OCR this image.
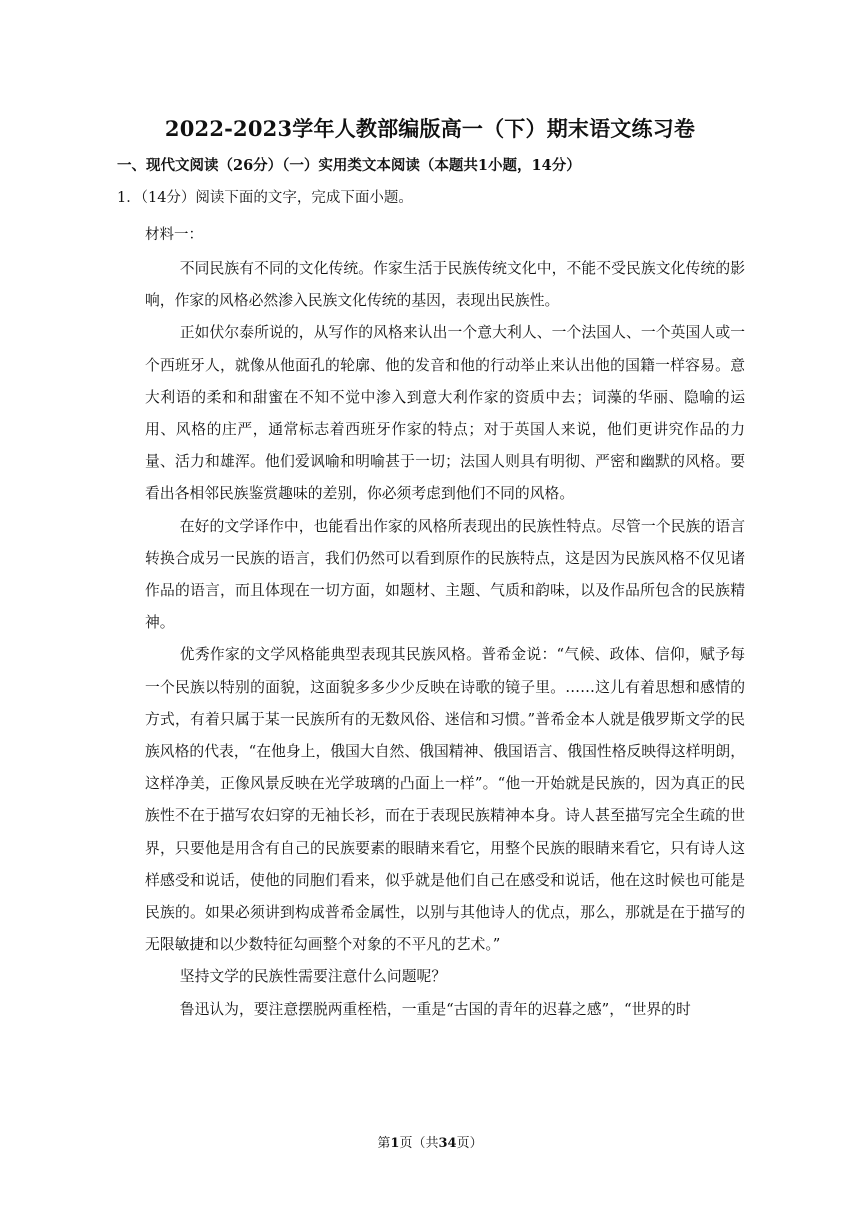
2022-2023学年人教部编版高一（下）期末语文练习卷
一、现代文阅读（26分）（一）实用类文本阅读（本题共1小题，14分）
1．（14分）阅读下面的文字，完成下面小题。
材料一：

不同民族有不同的文化传统。作家生活于民族传统文化中，不能不受民族文化传统的影响，作家的风格必然渗入民族文化传统的基因，表现出民族性。

正如伏尔泰所说的，从写作的风格来认出一个意大利人、一个法国人、一个英国人或一个西班牙人，就像从他面孔的轮廓、他的发音和他的行动举止来认出他的国籍一样容易。意大利语的柔和和甜蜜在不知不觉中渗入到意大利作家的资质中去；词藻的华丽、隐喻的运用、风格的庄严，通常标志着西班牙作家的特点；对于英国人来说，他们更讲究作品的力量、活力和雄浑。他们爱讽喻和明喻甚于一切；法国人则具有明彻、严密和幽默的风格。要看出各相邻民族鉴赏趣味的差别，你必须考虑到他们不同的风格。

在好的文学译作中，也能看出作家的风格所表现出的民族性特点。尽管一个民族的语言转换合成另一民族的语言，我们仍然可以看到原作的民族特点，这是因为民族风格不仅见诸作品的语言，而且体现在一切方面，如题材、主题、气质和韵味，以及作品所包含的民族精神。

优秀作家的文学风格能典型表现其民族风格。普希金说：“气候、政体、信仰，赋予每一个民族以特别的面貌，这面貌多多少少反映在诗歌的镜子里。……这儿有着思想和感情的方式，有着只属于某一民族所有的无数风俗、迷信和习惯。”普希金本人就是俄罗斯文学的民族风格的代表，“在他身上，俄国大自然、俄国精神、俄国语言、俄国性格反映得这样明朗，这样净美，正像风景反映在光学玻璃的凸面上一样”。“他一开始就是民族的，因为真正的民族性不在于描写农妇穿的无袖长衫，而在于表现民族精神本身。诗人甚至描写完全生疏的世界，只要他是用含有自己的民族要素的眼睛来看它，用整个民族的眼睛来看它，只有诗人这样感受和说话，使他的同胞们看来，似乎就是他们自己在感受和说话，他在这时候也可能是民族的。如果必须讲到构成普希金属性，以别与其他诗人的优点，那么，那就是在于描写的无限敏捷和以少数特征勾画整个对象的不平凡的艺术。”

坚持文学的民族性需要注意什么问题呢？

鲁迅认为，要注意摆脱两重桎梏，一重是“古国的青年的迟暮之感”，“世界的时

第1页（共34页）
